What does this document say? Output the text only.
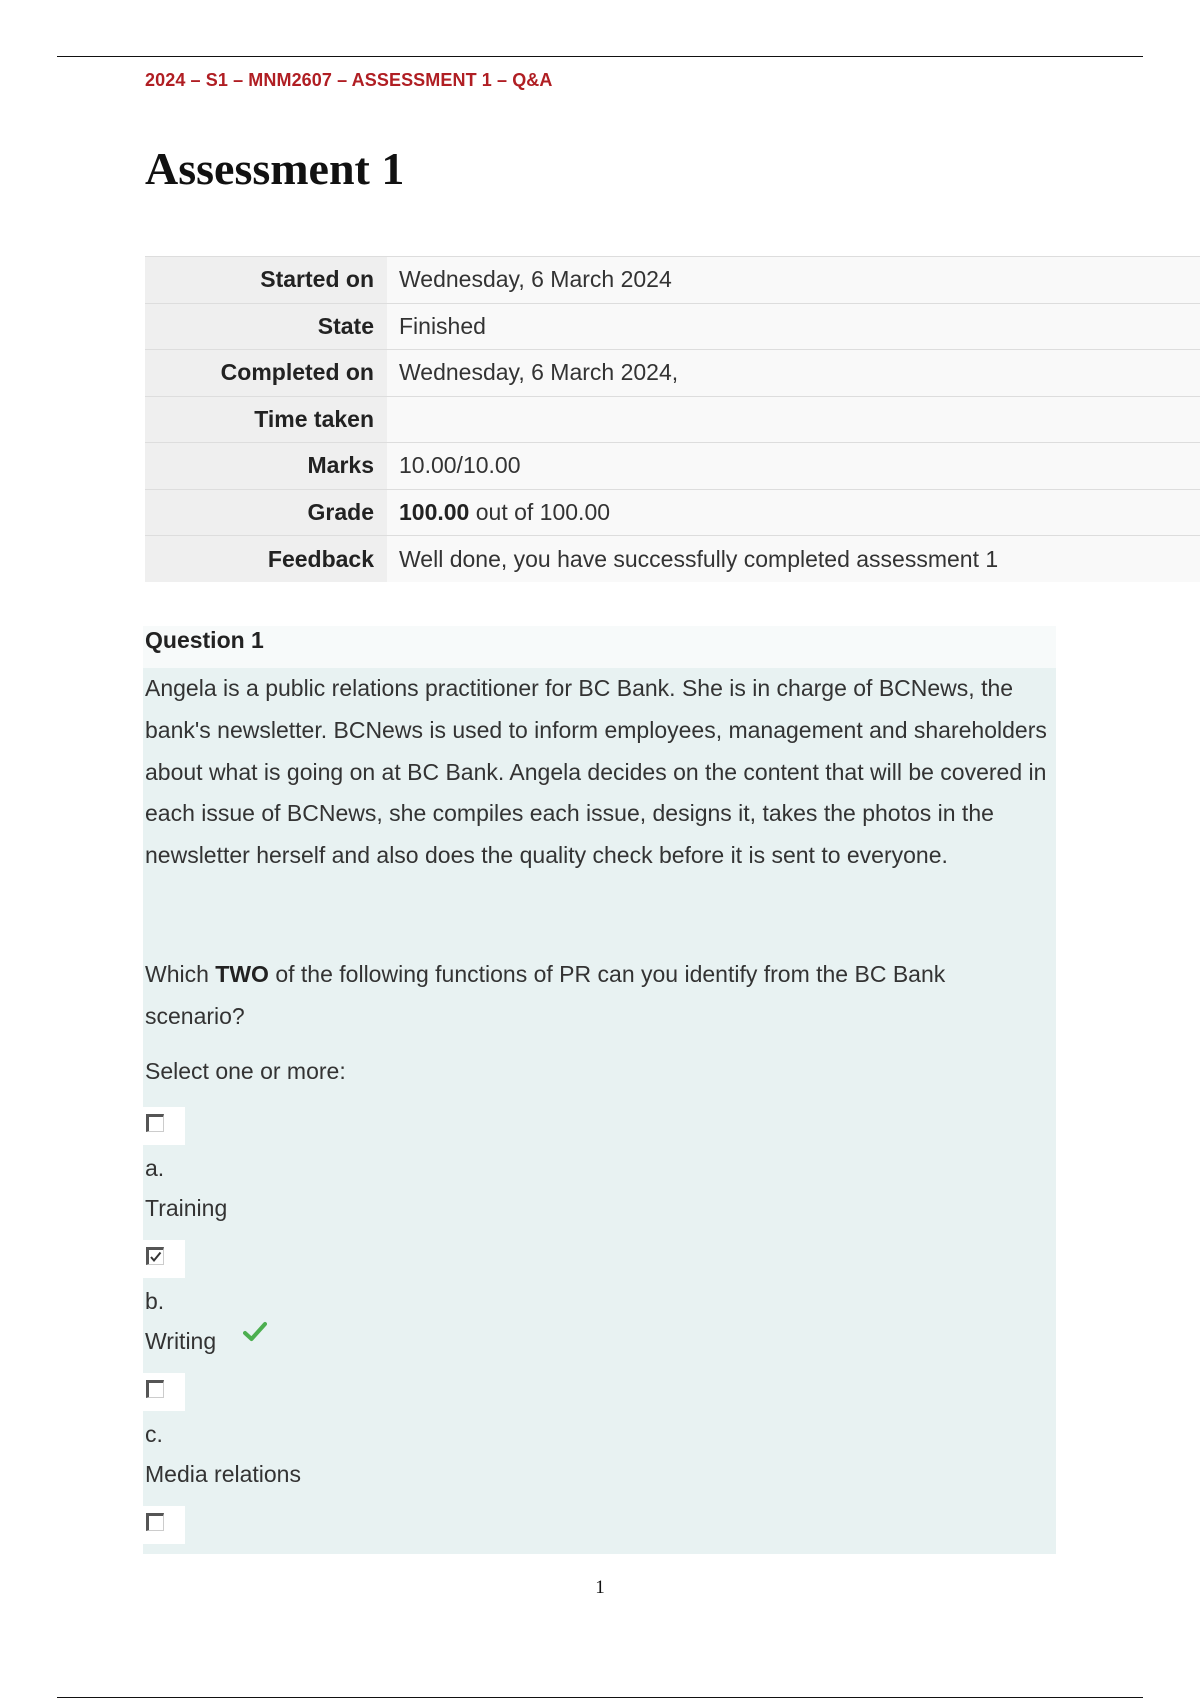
2024 – S1 – MNM2607 – ASSESSMENT 1 – Q&A
Assessment 1
Started on	Wednesday, 6 March 2024
State	Finished
Completed on	Wednesday, 6 March 2024,
Time taken	
Marks	10.00/10.00
Grade	100.00 out of 100.00
Feedback	Well done, you have successfully completed assessment 1
Question 1

Angela is a public relations practitioner for BC Bank. She is in charge of BCNews, the bank's newsletter. BCNews is used to inform employees, management and shareholders about what is going on at BC Bank. Angela decides on the content that will be covered in each issue of BCNews, she compiles each issue, designs it, takes the photos in the newsletter herself and also does the quality check before it is sent to everyone.

Which TWO of the following functions of PR can you identify from the BC Bank scenario?

Select one or more:

a.
Training
b.
Writing
c.
Media relations
1
